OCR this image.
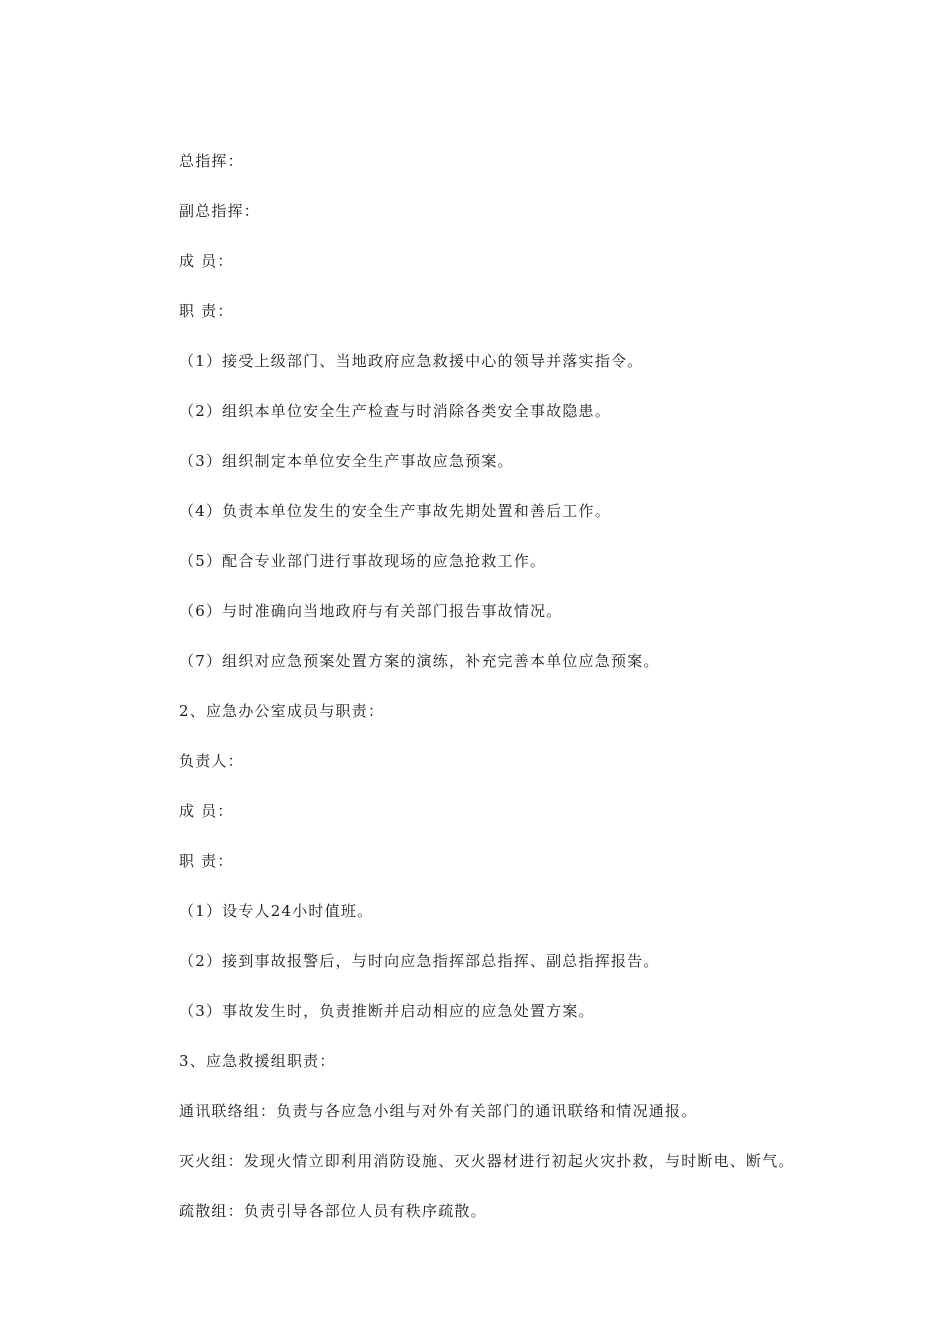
总指挥：
副总指挥：
成 员：
职 责：
（1）接受上级部门、当地政府应急救援中心的领导并落实指令。
（2）组织本单位安全生产检查与时消除各类安全事故隐患。
（3）组织制定本单位安全生产事故应急预案。
（4）负责本单位发生的安全生产事故先期处置和善后工作。
（5）配合专业部门进行事故现场的应急抢救工作。
（6）与时准确向当地政府与有关部门报告事故情况。
（7）组织对应急预案处置方案的演练，补充完善本单位应急预案。
2、应急办公室成员与职责：
负责人：
成 员：
职 责：
（1）设专人24小时值班。
（2）接到事故报警后，与时向应急指挥部总指挥、副总指挥报告。
（3）事故发生时，负责推断并启动相应的应急处置方案。
3、应急救援组职责：
通讯联络组：负责与各应急小组与对外有关部门的通讯联络和情况通报。
灭火组：发现火情立即利用消防设施、灭火器材进行初起火灾扑救，与时断电、断气。
疏散组：负责引导各部位人员有秩序疏散。
